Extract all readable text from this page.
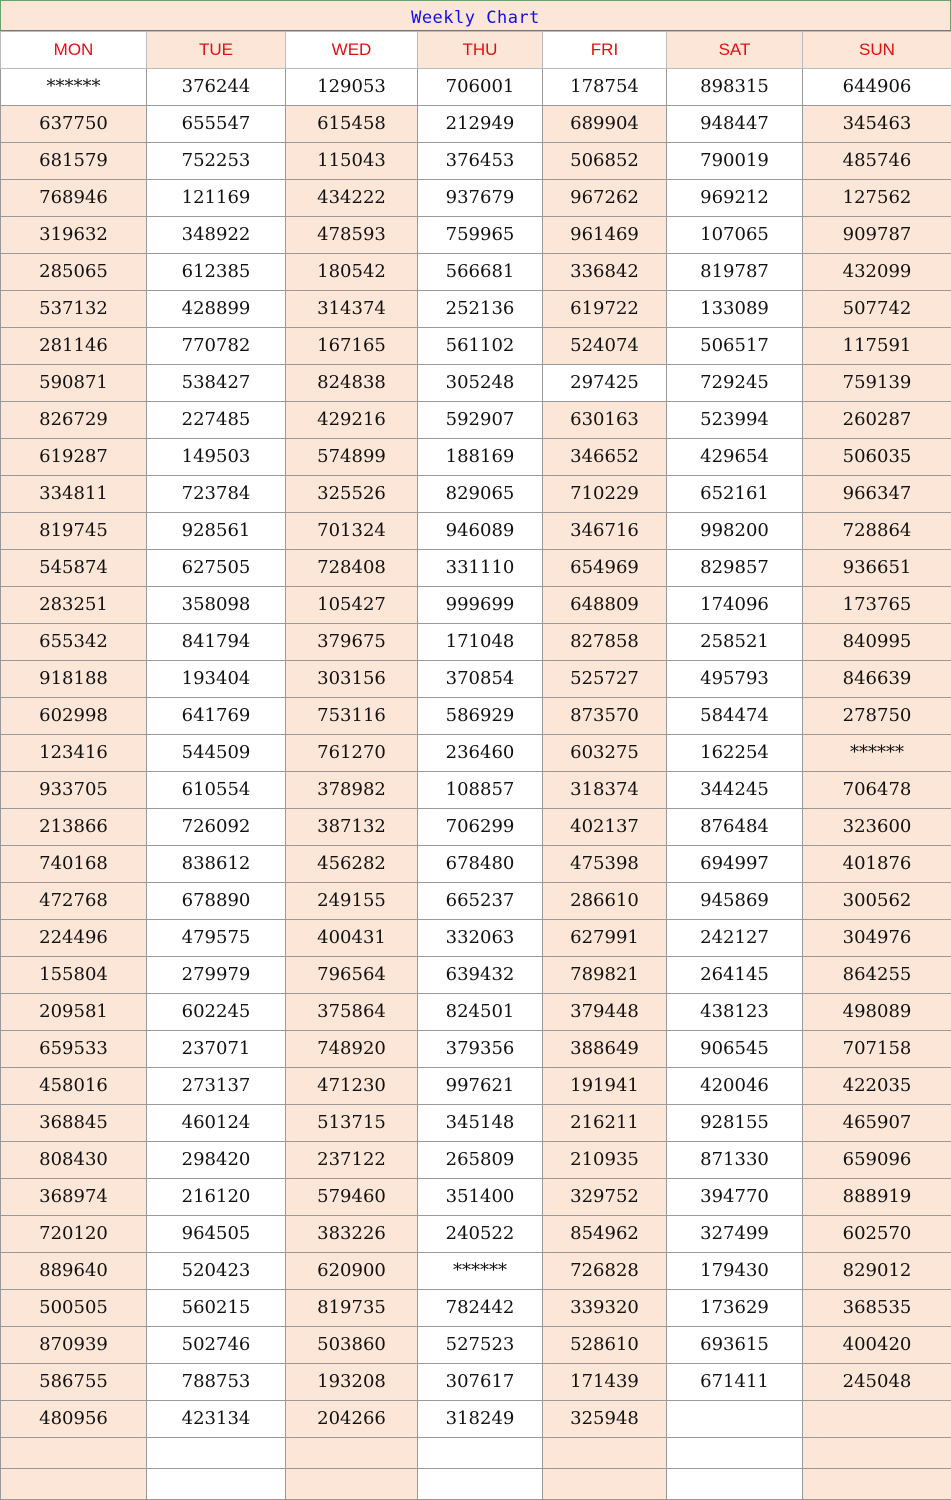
Weekly Chart
MON	TUE	WED	THU	FRI	SAT	SUN
******	376244	129053	706001	178754	898315	644906
637750	655547	615458	212949	689904	948447	345463
681579	752253	115043	376453	506852	790019	485746
768946	121169	434222	937679	967262	969212	127562
319632	348922	478593	759965	961469	107065	909787
285065	612385	180542	566681	336842	819787	432099
537132	428899	314374	252136	619722	133089	507742
281146	770782	167165	561102	524074	506517	117591
590871	538427	824838	305248	297425	729245	759139
826729	227485	429216	592907	630163	523994	260287
619287	149503	574899	188169	346652	429654	506035
334811	723784	325526	829065	710229	652161	966347
819745	928561	701324	946089	346716	998200	728864
545874	627505	728408	331110	654969	829857	936651
283251	358098	105427	999699	648809	174096	173765
655342	841794	379675	171048	827858	258521	840995
918188	193404	303156	370854	525727	495793	846639
602998	641769	753116	586929	873570	584474	278750
123416	544509	761270	236460	603275	162254	******
933705	610554	378982	108857	318374	344245	706478
213866	726092	387132	706299	402137	876484	323600
740168	838612	456282	678480	475398	694997	401876
472768	678890	249155	665237	286610	945869	300562
224496	479575	400431	332063	627991	242127	304976
155804	279979	796564	639432	789821	264145	864255
209581	602245	375864	824501	379448	438123	498089
659533	237071	748920	379356	388649	906545	707158
458016	273137	471230	997621	191941	420046	422035
368845	460124	513715	345148	216211	928155	465907
808430	298420	237122	265809	210935	871330	659096
368974	216120	579460	351400	329752	394770	888919
720120	964505	383226	240522	854962	327499	602570
889640	520423	620900	******	726828	179430	829012
500505	560215	819735	782442	339320	173629	368535
870939	502746	503860	527523	528610	693615	400420
586755	788753	193208	307617	171439	671411	245048
480956	423134	204266	318249	325948		
